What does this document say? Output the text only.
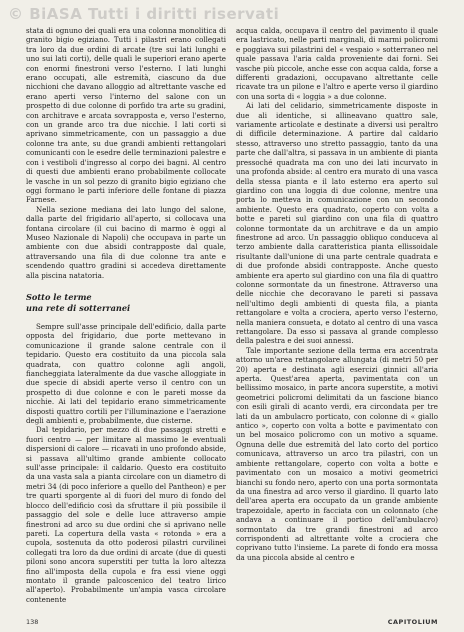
© BiASA Tutti i diritti riservati

stata di ognuno dei quali era una colonna monolitica di granito bigio egiziano. Tutti i pilastri erano collegati tra loro da due ordini di arcate (tre sui lati lunghi e uno sui lati corti), delle quali le superiori erano aperte con enormi finestroni verso l'esterno. I lati lunghi erano occupati, alle estremità, ciascuno da due nicchioni che davano alloggio ad altrettante vasche ed erano aperti verso l'interno del salone con un prospetto di due colonne di porfido tra arte su gradini, con architrave e arcata sovrapposta e, verso l'esterno, con un grande arco tra due nicchie. I lati corti si aprivano simmetricamente, con un passaggio a due colonne tra ante, su due grandi ambienti rettangolari comunicanti con le esedre delle terminazioni palestre e con i vestiboli d'ingresso al corpo dei bagni. Al centro di questi due ambienti erano probabilmente collocate le vasche in un sol pezzo di granito bigio egiziano che oggi formano le parti inferiore delle fontane di piazza Farnese.

Nella sezione mediana dei lato lungo del salone, dalla parte del frigidario all'aperto, si collocava una fontana circolare (il cui bacino di marmo è oggi al Museo Nazionale di Napoli) che occupava in parte un ambiente con due absidi contrapposte dal quale, attraversando una fila di due colonne tra ante e scendendo quattro gradini si accedeva direttamente alla piscina natatoria.

Sotto le terme
una rete di sotterranei

Sempre sull'asse principale dell'edificio, dalla parte opposta del frigidario, due porte mettevano in comunicazione il grande salone centrale con il tepidario. Questo era costituito da una piccola sala quadrata, con quattro colonne agli angoli, fiancheggiata lateralmente da due vasche alloggiate in due specie di absidi aperte verso il centro con un prospetto di due colonne e con le pareti mosse da nicchie. Ai lati del tepidario erano simmetricamente disposti quattro cortili per l'illuminazione e l'aerazione degli ambienti e, probabilmente, due cisterne.

Dal tepidario, per mezzo di due passaggi stretti e fuori centro — per limitare al massimo le eventuali dispersioni di calore — ricavati in uno profondo abside, si passava all'ultimo grande ambiente collocato sull'asse principale: il caldario. Questo era costituito da una vasta sala a pianta circolare con un diametro di metri 34 (di poco inferiore a quello del Pantheon) e per tre quarti sporgente al di fuori del muro di fondo del blocco dell'edificio così da sfruttare il più possibile il passaggio del sole e delle luce attraverso ampie finestroni ad arco su due ordini che si aprivano nelle pareti. La copertura della vasta « rotonda » era a cupola, sostenuta da otto poderosi pilastri curvilinei collegati tra loro da due ordini di arcate (due di questi piloni sono ancora superstiti per tutta la loro altezza fino all'imposta della cupola e fra essi viene oggi montato il grande palcoscenico del teatro lirico all'aperto). Probabilmente un'ampia vasca circolare contenente

acqua calda, occupava il centro del pavimento il quale era lastricato, nelle parti marginali, di marmi policromi e poggiava sui pilastrini del « vespaio » sotterraneo nel quale passava l'aria calda proveniente dai forni. Sei vasche più piccole, anche esse con acqua calda, forse a differenti gradazioni, occupavano altrettante celle ricavate tra un pilone e l'altro e aperte verso il giardino con una sorta di « loggia » a due colonne.

Ai lati del celidario, simmetricamente disposte in due ali identiche, si allineavano quattro sale, variamente articolate e destinate a diversi usi peraltro di difficile determinazione. A partire dal caldario stesso, attraverso uno stretto passaggio, tanto da una parte che dall'altra, si passava in un ambiente di pianta pressoché quadrata ma con uno dei lati incurvato in una profonda abside: al centro era murato di una vasca della stessa pianta e il lato esterno era aperto sul giardino con una loggia di due colonne, mentre una porta lo metteva in comunicazione con un secondo ambiente. Questo era quadrato, coperto con volta a botte e pareti sul giardino con una fila di quattro colonne tormontate da un architrave e da un ampio finestrone ad arco. Un passaggio obliquo conduceva al terzo ambiente dalla caratteristica pianta ellissoidale risultante dall'unione di una parte centrale quadrata e di due profonde absidi contrapposte. Anche questo ambiente era aperto sul giardino con una fila di quattro colonne sormontate da un finestrone. Attraverso una delle nicchie che decoravano le pareti si passava nell'ultimo degli ambienti di questa fila, a pianta rettangolare e volta a crociera, aperto verso l'esterno, nella maniera consueta, e dotato al centro di una vasca rettangolare. Da esso si passava al grande complesso della palestra e dei suoi annessi.

Tale importante sezione della terma era accentrata attorno un'area rettangolare allungata (di metri 50 per 20) aperta e destinata agli esercizi ginnici all'aria aperta. Quest'area aperta, pavimentata con un bellissimo mosaico, in parte ancora superstite, a motivi geometrici policromi delimitati da un fascione bianco con esili girali di acanto verdi, era circondata per tre lati da un ambulacro porticato, con colonne di « giallo antico », coperto con volta a botte e pavimentato con un bel mosaico policromo con un motivo a squame. Ognuna delle due estremità del lato corto del portico comunicava, attraverso un arco tra pilastri, con un ambiente rettangolare, coperto con volta a botte e pavimentato con un mosaico a motivi geometrici bianchi su fondo nero, aperto con una porta sormontata da una finestra ad arco verso il giardino. Il quarto lato dell'area aperta era occupato da un grande ambiente trapezoidale, aperto in facciata con un colonnato (che andava a continuare il portico dell'ambulacro) sormontato da tre grandi finestroni ad arco corrispondenti ad altrettante volte a crociera che coprivano tutto l'insieme. La parete di fondo era mossa da una piccola abside al centro e

138	CAPITOLIUM
